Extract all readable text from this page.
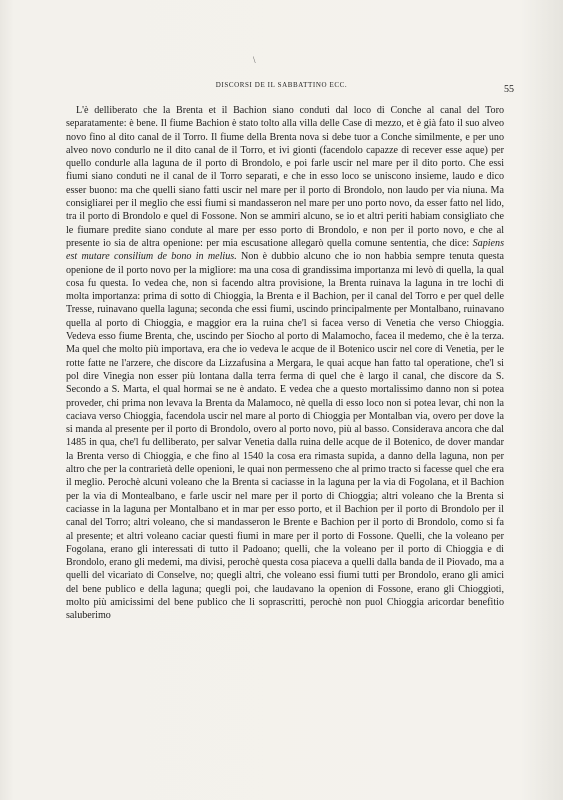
\
DISCORSI DE IL SABBATTINO ECC.	55

L'è delliberato che la Brenta et il Bachion siano conduti dal loco di Conche al canal del Toro separatamente: è bene. Il fiume Bachion è stato tolto alla villa delle Case di mezzo, et è già fato il suo alveo novo fino al dito canal de il Torro. Il fiume della Brenta nova si debe tuor a Conche similmente, e per uno alveo novo condurlo ne il dito canal de il Torro, et ivi gionti (facendolo capazze di recever esse aque) per quello condurle alla laguna de il porto di Brondolo, e poi farle uscir nel mare per il dito porto. Che essi fiumi siano conduti ne il canal de il Torro separati, e che in esso loco se uniscono insieme, laudo e dico esser buono: ma che quelli siano fatti uscir nel mare per il porto di Brondolo, non laudo per via niuna. Ma consigliarei per il meglio che essi fiumi si mandasseron nel mare per uno porto novo, da esser fatto nel lido, tra il porto di Brondolo e quel di Fossone. Non se ammiri alcuno, se io et altri periti habiam consigliato che le fiumare predite siano condute al mare per esso porto di Brondolo, e non per il porto novo, e che al presente io sia de altra openione: per mia escusatione allegarò quella comune sententia, che dice: Sapiens est mutare consilium de bono in melius. Non è dubbio alcuno che io non habbia sempre tenuta questa openione de il porto novo per la migliore: ma una cosa di grandissima importanza mi levò di quella, la qual cosa fu questa. Io vedea che, non si facendo altra provisione, la Brenta ruinava la laguna in tre lochi di molta importanza: prima di sotto di Chioggia, la Brenta e il Bachion, per il canal del Torro e per quel delle Tresse, ruinavano quella laguna; seconda che essi fiumi, uscindo principalmente per Montalbano, ruinavano quella al porto di Chioggia, e maggior era la ruina che'l si facea verso di Venetia che verso Chioggia. Vedeva esso fiume Brenta, che, uscindo per Siocho al porto di Malamocho, facea il medemo, che è la terza. Ma quel che molto più importava, era che io vedeva le acque de il Botenico uscir nel core di Venetia, per le rotte fatte ne l'arzere, che discore da Lizzafusina a Mergara, le quai acque han fatto tal operatione, che'l si pol dire Vinegia non esser più lontana dalla terra ferma di quel che è largo il canal, che discore da S. Secondo a S. Marta, el qual hormai se ne è andato. E vedea che a questo mortalissimo danno non si potea proveder, chi prima non levava la Brenta da Malamoco, nè quella di esso loco non si potea levar, chi non la caciava verso Chioggia, facendola uscir nel mare al porto di Chioggia per Montalban via, overo per dove la si manda al presente per il porto di Brondolo, overo al porto novo, più al basso. Considerava ancora che dal 1485 in qua, che'l fu delliberato, per salvar Venetia dalla ruina delle acque de il Botenico, de dover mandar la Brenta verso di Chioggia, e che fino al 1540 la cosa era rimasta supida, a danno della laguna, non per altro che per la contrarietà delle openioni, le quai non permesseno che al primo tracto si facesse quel che era il meglio. Perochè alcuni voleano che la Brenta si caciasse in la laguna per la via di Fogolana, et il Bachion per la via di Montealbano, e farle uscir nel mare per il porto di Chioggia; altri voleano che la Brenta si caciasse in la laguna per Montalbano et in mar per esso porto, et il Bachion per il porto di Brondolo per il canal del Torro; altri voleano, che si mandasseron le Brente e Bachion per il porto di Brondolo, como si fa al presente; et altri voleano caciar questi fiumi in mare per il porto di Fossone. Quelli, che la voleano per Fogolana, erano gli interessati di tutto il Padoano; quelli, che la voleano per il porto di Chioggia e di Brondolo, erano gli medemi, ma divisi, perochè questa cosa piaceva a quelli dalla banda de il Piovado, ma a quelli del vicariato di Conselve, no; quegli altri, che voleano essi fiumi tutti per Brondolo, erano gli amici del bene publico e della laguna; quegli poi, che laudavano la openion di Fossone, erano gli Chioggioti, molto più amicissimi del bene publico che li soprascritti, perochè non puol Chioggia aricordar benefitio saluberimo
